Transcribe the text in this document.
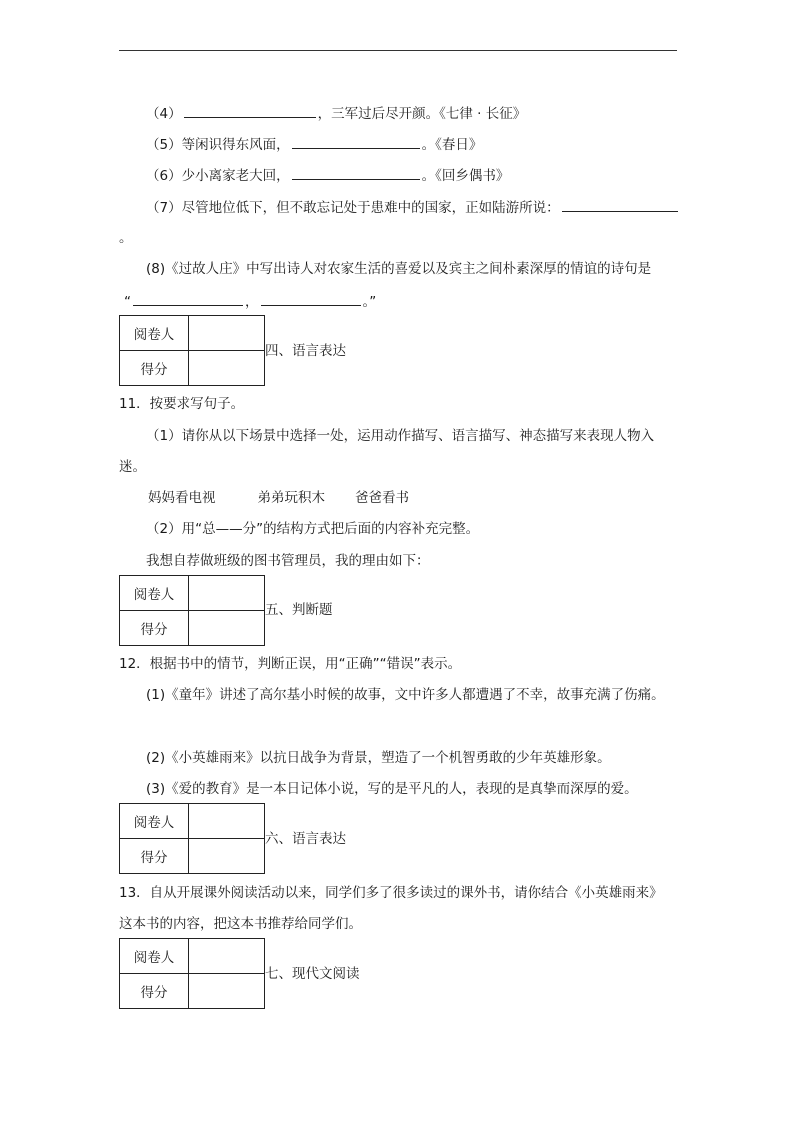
（4）	，三军过后尽开颜。《七律 · 长征》
（5）等闲识得东风面，	。《春日》
（6）少小离家老大回，	。《回乡偶书》
（7）尽管地位低下，但不敢忘记处于患难中的国家，正如陆游所说：
。
(8)《过故人庄》中写出诗人对农家生活的喜爱以及宾主之间朴素深厚的情谊的诗句是
“	，	。”
阅卷人	
得分	
四、语言表达
11．按要求写句子。
（1）请你从以下场景中选择一处，运用动作描写、语言描写、神态描写来表现人物入
迷。
妈妈看电视	弟弟玩积木 爸爸看书
（2）用“总——分”的结构方式把后面的内容补充完整。
我想自荐做班级的图书管理员，我的理由如下：
阅卷人	
得分	
五、判断题
12．根据书中的情节，判断正误，用“正确”“错误”表示。
(1)《童年》讲述了高尔基小时候的故事，文中许多人都遭遇了不幸，故事充满了伤痛。
(2)《小英雄雨来》以抗日战争为背景，塑造了一个机智勇敢的少年英雄形象。
(3)《爱的教育》是一本日记体小说，写的是平凡的人，表现的是真挚而深厚的爱。
阅卷人	
得分	
六、语言表达
13．自从开展课外阅读活动以来，同学们多了很多读过的课外书，请你结合《小英雄雨来》
这本书的内容，把这本书推荐给同学们。
阅卷人	
得分	
七、现代文阅读
